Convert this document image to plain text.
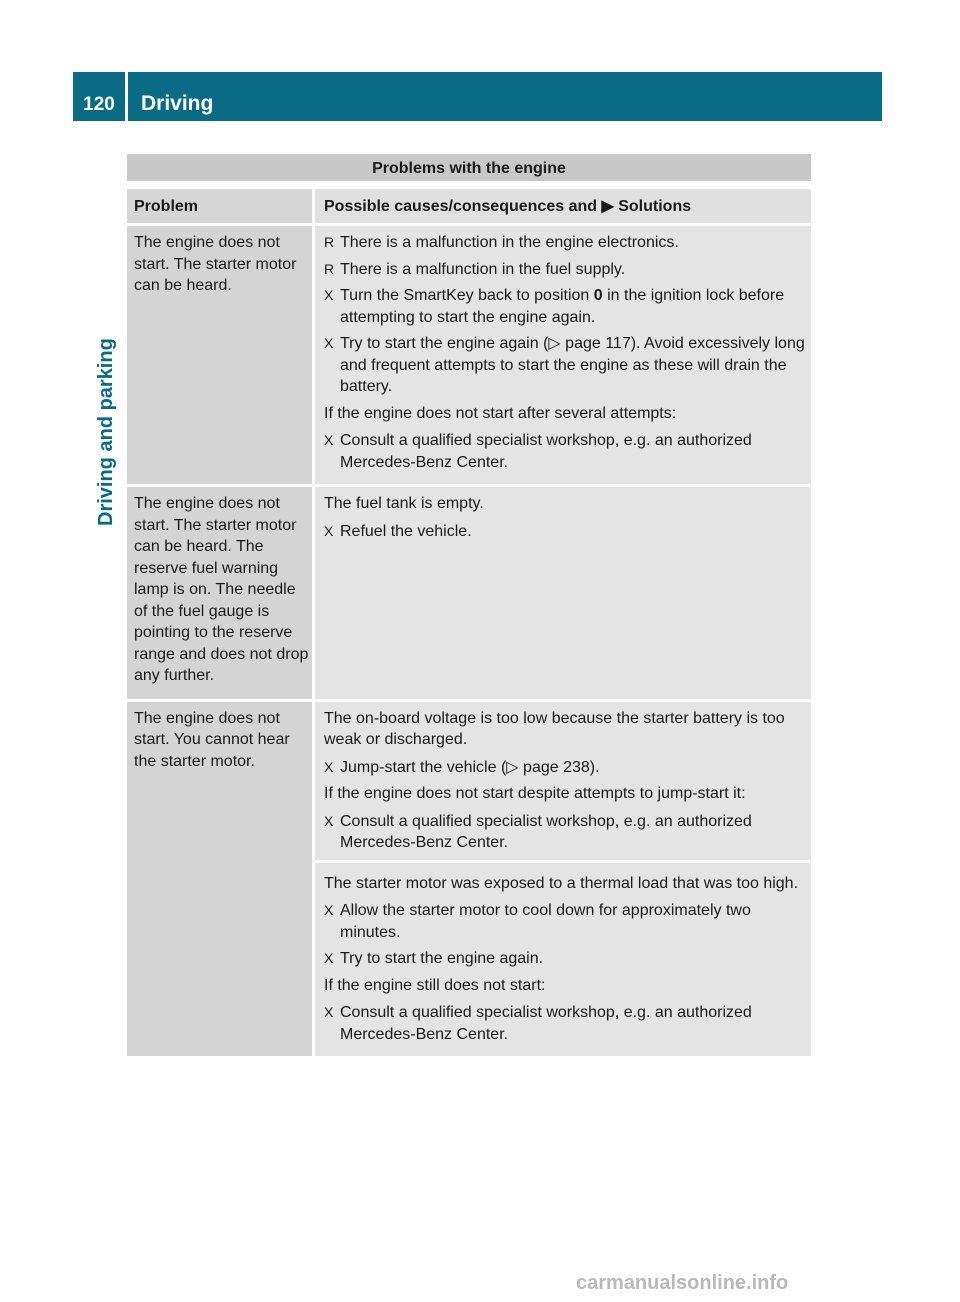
120	Driving
Driving and parking
Problems with the engine
Problem	Possible causes/consequences and ▶ Solutions
The engine does not start. The starter motor can be heard.
R There is a malfunction in the engine electronics.
R There is a malfunction in the fuel supply.
X Turn the SmartKey back to position 0 in the ignition lock before attempting to start the engine again.
X Try to start the engine again (▷ page 117). Avoid excessively long and frequent attempts to start the engine as these will drain the battery.
If the engine does not start after several attempts:
X Consult a qualified specialist workshop, e.g. an authorized Mercedes-Benz Center.
The engine does not start. The starter motor can be heard. The reserve fuel warning lamp is on. The needle of the fuel gauge is pointing to the reserve range and does not drop any further.
The fuel tank is empty.
X Refuel the vehicle.
The engine does not start. You cannot hear the starter motor.
The on-board voltage is too low because the starter battery is too weak or discharged.
X Jump-start the vehicle (▷ page 238).
If the engine does not start despite attempts to jump-start it:
X Consult a qualified specialist workshop, e.g. an authorized Mercedes-Benz Center.
The starter motor was exposed to a thermal load that was too high.
X Allow the starter motor to cool down for approximately two minutes.
X Try to start the engine again.
If the engine still does not start:
X Consult a qualified specialist workshop, e.g. an authorized Mercedes-Benz Center.
carmanualsonline.info
